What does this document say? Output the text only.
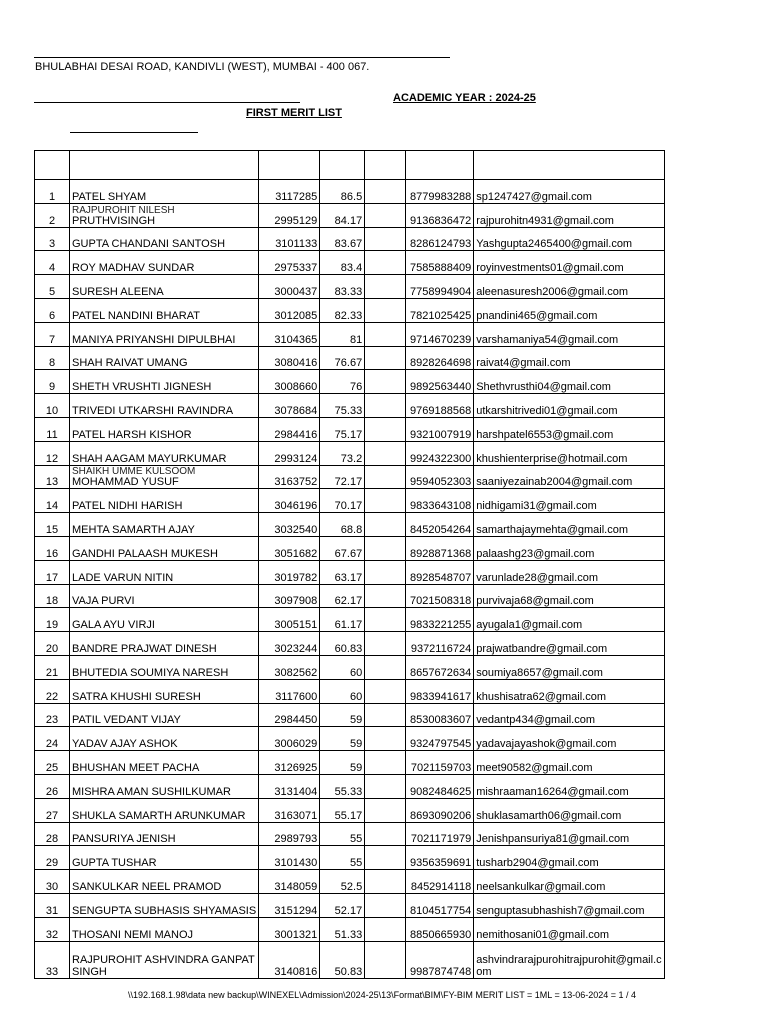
BHULABHAI DESAI ROAD, KANDIVLI (WEST), MUMBAI - 400 067.
ACADEMIC YEAR : 2024-25
FIRST MERIT LIST

1	PATEL SHYAM	3117285	86.5		8779983288	sp1247427@gmail.com
2	RAJPUROHIT NILESH
PRUTHVISINGH	2995129	84.17		9136836472	rajpurohitn4931@gmail.com
3	GUPTA CHANDANI SANTOSH	3101133	83.67		8286124793	Yashgupta2465400@gmail.com
4	ROY MADHAV SUNDAR	2975337	83.4		7585888409	royinvestments01@gmail.com
5	SURESH ALEENA	3000437	83.33		7758994904	aleenasuresh2006@gmail.com
6	PATEL NANDINI BHARAT	3012085	82.33		7821025425	pnandini465@gmail.com
7	MANIYA PRIYANSHI DIPULBHAI	3104365	81		9714670239	varshamaniya54@gmail.com
8	SHAH RAIVAT UMANG	3080416	76.67		8928264698	raivat4@gmail.com
9	SHETH VRUSHTI JIGNESH	3008660	76		9892563440	Shethvrusthi04@gmail.com
10	TRIVEDI UTKARSHI RAVINDRA	3078684	75.33		9769188568	utkarshitrivedi01@gmail.com
11	PATEL HARSH KISHOR	2984416	75.17		9321007919	harshpatel6553@gmail.com
12	SHAH AAGAM MAYURKUMAR	2993124	73.2		9924322300	khushienterprise@hotmail.com
13	SHAIKH UMME KULSOOM
MOHAMMAD YUSUF	3163752	72.17		9594052303	saaniyezainab2004@gmail.com
14	PATEL NIDHI HARISH	3046196	70.17		9833643108	nidhigami31@gmail.com
15	MEHTA SAMARTH AJAY	3032540	68.8		8452054264	samarthajaymehta@gmail.com
16	GANDHI PALAASH MUKESH	3051682	67.67		8928871368	palaashg23@gmail.com
17	LADE VARUN NITIN	3019782	63.17		8928548707	varunlade28@gmail.com
18	VAJA PURVI	3097908	62.17		7021508318	purvivaja68@gmail.com
19	GALA AYU VIRJI	3005151	61.17		9833221255	ayugala1@gmail.com
20	BANDRE PRAJWAT DINESH	3023244	60.83		9372116724	prajwatbandre@gmail.com
21	BHUTEDIA SOUMIYA NARESH	3082562	60		8657672634	soumiya8657@gmail.com
22	SATRA KHUSHI SURESH	3117600	60		9833941617	khushisatra62@gmail.com
23	PATIL VEDANT VIJAY	2984450	59		8530083607	vedantp434@gmail.com
24	YADAV AJAY ASHOK	3006029	59		9324797545	yadavajayashok@gmail.com
25	BHUSHAN MEET PACHA	3126925	59		7021159703	meet90582@gmail.com
26	MISHRA AMAN SUSHILKUMAR	3131404	55.33		9082484625	mishraaman16264@gmail.com
27	SHUKLA SAMARTH ARUNKUMAR	3163071	55.17		8693090206	shuklasamarth06@gmail.com
28	PANSURIYA JENISH	2989793	55		7021171979	Jenishpansuriya81@gmail.com
29	GUPTA TUSHAR	3101430	55		9356359691	tusharb2904@gmail.com
30	SANKULKAR NEEL PRAMOD	3148059	52.5		8452914118	neelsankulkar@gmail.com
31	SENGUPTA SUBHASIS SHYAMASIS	3151294	52.17		8104517754	senguptasubhashish7@gmail.com
32	THOSANI NEMI MANOJ	3001321	51.33		8850665930	nemithosani01@gmail.com
33	RAJPUROHIT ASHVINDRA GANPAT SINGH	3140816	50.83		9987874748	ashvindrarajpurohitrajpurohit@gmail.com
\\192.168.1.98\data new backup\WINEXEL\Admission\2024-25\13\Format\BIM\FY-BIM MERIT LIST = 1ML = 13-06-2024 = 1 / 4
